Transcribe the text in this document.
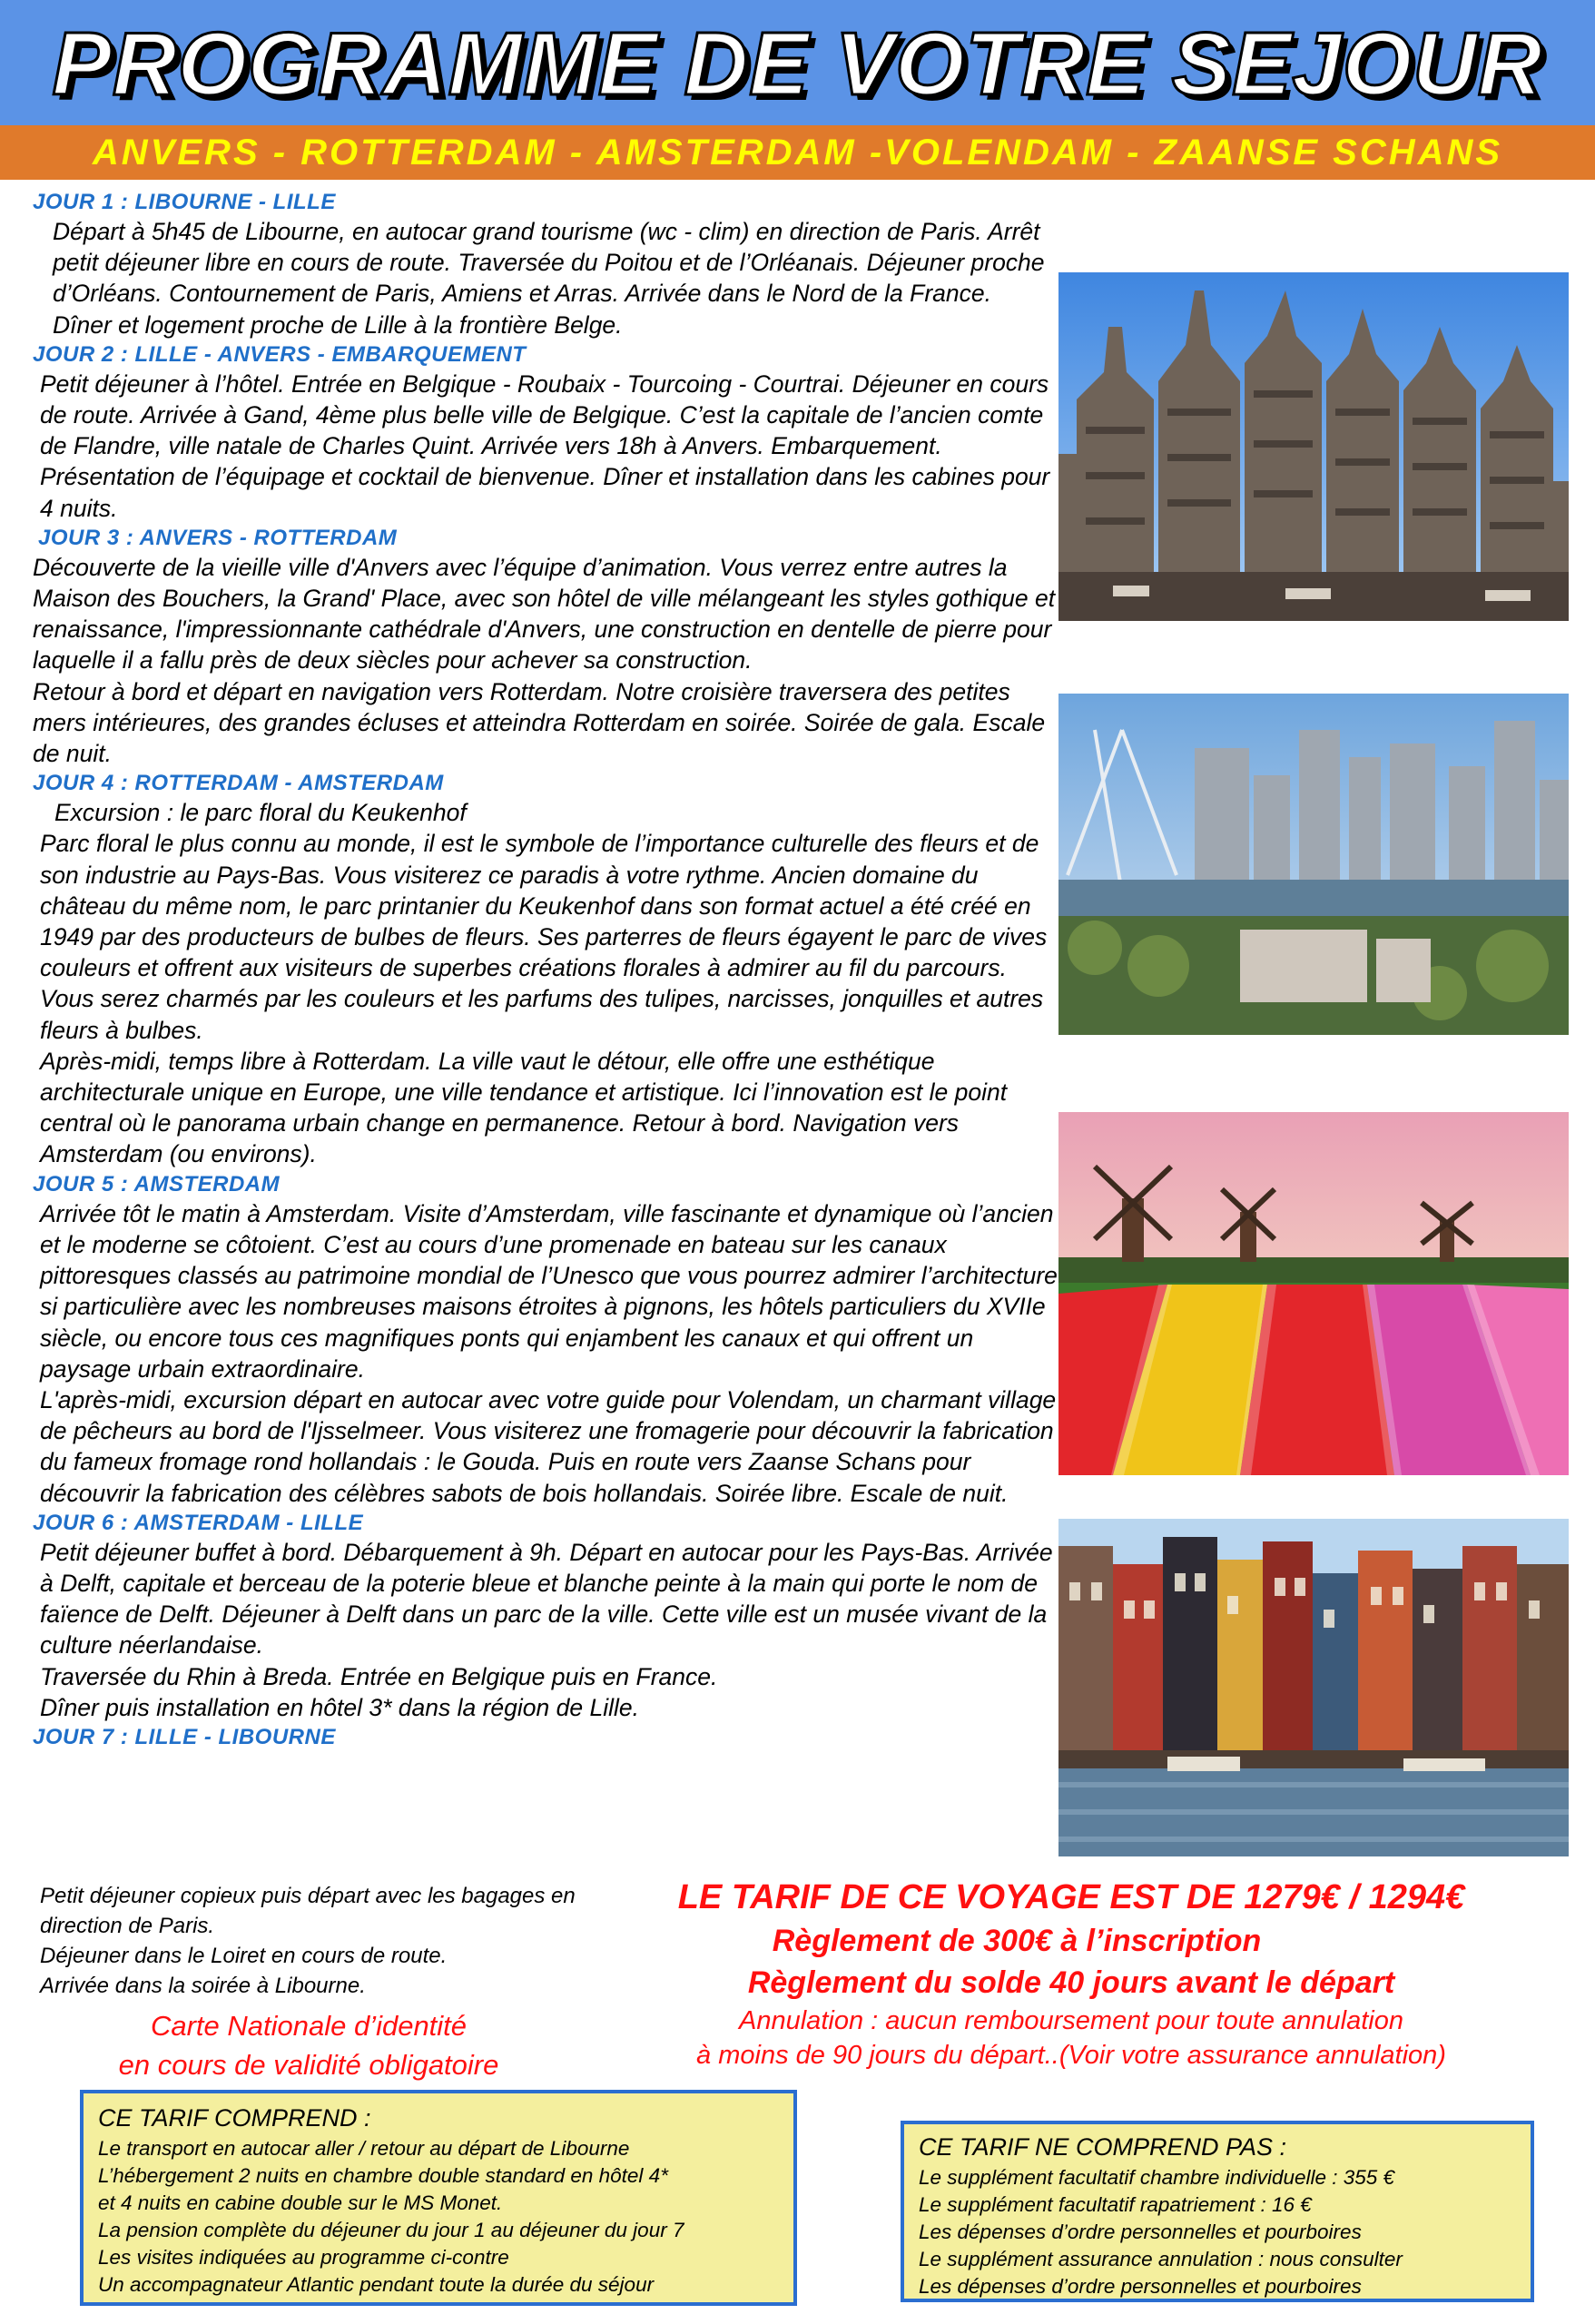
PROGRAMME DE VOTRE SEJOUR
ANVERS - ROTTERDAM - AMSTERDAM -VOLENDAM - ZAANSE SCHANS
JOUR 1 : LIBOURNE - LILLE

Départ à 5h45 de Libourne, en autocar grand tourisme (wc - clim) en direction de Paris. Arrêt petit déjeuner libre en cours de route. Traversée du Poitou et de l’Orléanais. Déjeuner proche d’Orléans. Contournement de Paris, Amiens et Arras. Arrivée dans le Nord de la France.

Dîner et logement proche de Lille à la frontière Belge.

JOUR 2 : LILLE - ANVERS - EMBARQUEMENT

Petit déjeuner à l’hôtel. Entrée en Belgique - Roubaix - Tourcoing - Courtrai. Déjeuner en cours de route. Arrivée à Gand, 4ème plus belle ville de Belgique. C’est la capitale de l’ancien comte de Flandre, ville natale de Charles Quint. Arrivée vers 18h à Anvers. Embarquement. Présentation de l’équipage et cocktail de bienvenue. Dîner et installation dans les cabines pour 4 nuits.

JOUR 3 : ANVERS - ROTTERDAM

Découverte de la vieille ville d'Anvers avec l’équipe d’animation. Vous verrez entre autres la Maison des Bouchers, la Grand' Place, avec son hôtel de ville mélangeant les styles gothique et renaissance, l'impressionnante cathédrale d'Anvers, une construction en dentelle de pierre pour laquelle il a fallu près de deux siècles pour achever sa construction.

Retour à bord et départ en navigation vers Rotterdam. Notre croisière traversera des petites mers intérieures, des grandes écluses et atteindra Rotterdam en soirée. Soirée de gala. Escale de nuit.

JOUR 4 : ROTTERDAM - AMSTERDAM

Excursion : le parc floral du Keukenhof

Parc floral le plus connu au monde, il est le symbole de l’importance culturelle des fleurs et de son industrie au Pays-Bas. Vous visiterez ce paradis à votre rythme. Ancien domaine du château du même nom, le parc printanier du Keukenhof dans son format actuel a été créé en 1949 par des producteurs de bulbes de fleurs. Ses parterres de fleurs égayent le parc de vives couleurs et offrent aux visiteurs de superbes créations florales à admirer au fil du parcours. Vous serez charmés par les couleurs et les parfums des tulipes, narcisses, jonquilles et autres fleurs à bulbes.

Après-midi, temps libre à Rotterdam. La ville vaut le détour, elle offre une esthétique architecturale unique en Europe, une ville tendance et artistique. Ici l’innovation est le point central où le panorama urbain change en permanence. Retour à bord. Navigation vers Amsterdam (ou environs).

JOUR 5 : AMSTERDAM

Arrivée tôt le matin à Amsterdam. Visite d’Amsterdam, ville fascinante et dynamique où l’ancien et le moderne se côtoient. C’est au cours d’une promenade en bateau sur les canaux pittoresques classés au patrimoine mondial de l’Unesco que vous pourrez admirer l’architecture si particulière avec les nombreuses maisons étroites à pignons, les hôtels particuliers du XVIIe siècle, ou encore tous ces magnifiques ponts qui enjambent les canaux et qui offrent un paysage urbain extraordinaire.

L'après-midi, excursion départ en autocar avec votre guide pour Volendam, un charmant village de pêcheurs au bord de l'Ijsselmeer. Vous visiterez une fromagerie pour découvrir la fabrication du fameux fromage rond hollandais : le Gouda. Puis en route vers Zaanse Schans pour découvrir la fabrication des célèbres sabots de bois hollandais. Soirée libre. Escale de nuit.

JOUR 6 : AMSTERDAM - LILLE

Petit déjeuner buffet à bord. Débarquement à 9h. Départ en autocar pour les Pays-Bas. Arrivée à Delft, capitale et berceau de la poterie bleue et blanche peinte à la main qui porte le nom de faïence de Delft. Déjeuner à Delft dans un parc de la ville. Cette ville est un musée vivant de la culture néerlandaise.

Traversée du Rhin à Breda. Entrée en Belgique puis en France.

Dîner puis installation en hôtel 3* dans la région de Lille.

JOUR 7 : LILLE - LIBOURNE
Petit déjeuner copieux puis départ avec les bagages en direction de Paris.
Déjeuner dans le Loiret en cours de route.
Arrivée dans la soirée à Libourne.
Carte Nationale d’identité
en cours de validité obligatoire
LE TARIF DE CE VOYAGE EST DE 1279€ / 1294€
Règlement de 300€ à l’inscription
Règlement du solde 40 jours avant le départ
Annulation : aucun remboursement pour toute annulation
à moins de 90 jours du départ..(Voir votre assurance annulation)
CE TARIF COMPREND :
Le transport en autocar aller / retour au départ de Libourne
L’hébergement 2 nuits en chambre double standard en hôtel 4*
et 4 nuits en cabine double sur le MS Monet.
La pension complète du déjeuner du jour 1 au déjeuner du jour 7
Les visites indiquées au programme ci-contre
Un accompagnateur Atlantic pendant toute la durée du séjour
CE TARIF NE COMPREND PAS :
Le supplément facultatif chambre individuelle : 355 €
Le supplément facultatif rapatriement : 16 €
Les dépenses d’ordre personnelles et pourboires
Le supplément assurance annulation : nous consulter
Les dépenses d’ordre personnelles et pourboires
